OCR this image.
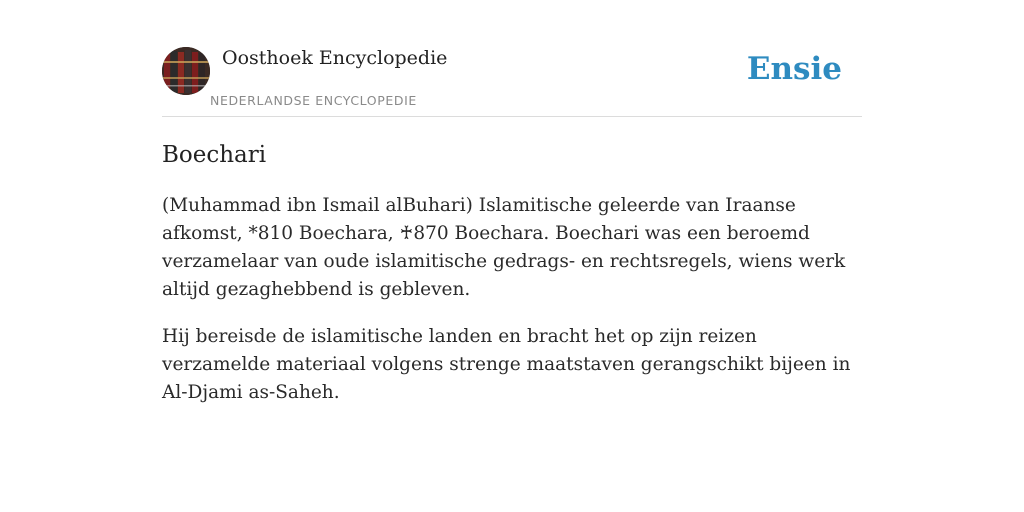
Oosthoek Encyclopedie
NEDERLANDSE ENCYCLOPEDIE
Ensie
Boechari

(Muhammad ibn Ismail alBuhari) Islamitische geleerde van Iraanse afkomst, *810 Boechara, ♰870 Boechara. Boechari was een beroemd verzamelaar van oude islamitische gedrags- en rechtsregels, wiens werk altijd gezaghebbend is gebleven.

Hij bereisde de islamitische landen en bracht het op zijn reizen verzamelde materiaal volgens strenge maatstaven gerangschikt bijeen in Al-Djami as-Saheh.
